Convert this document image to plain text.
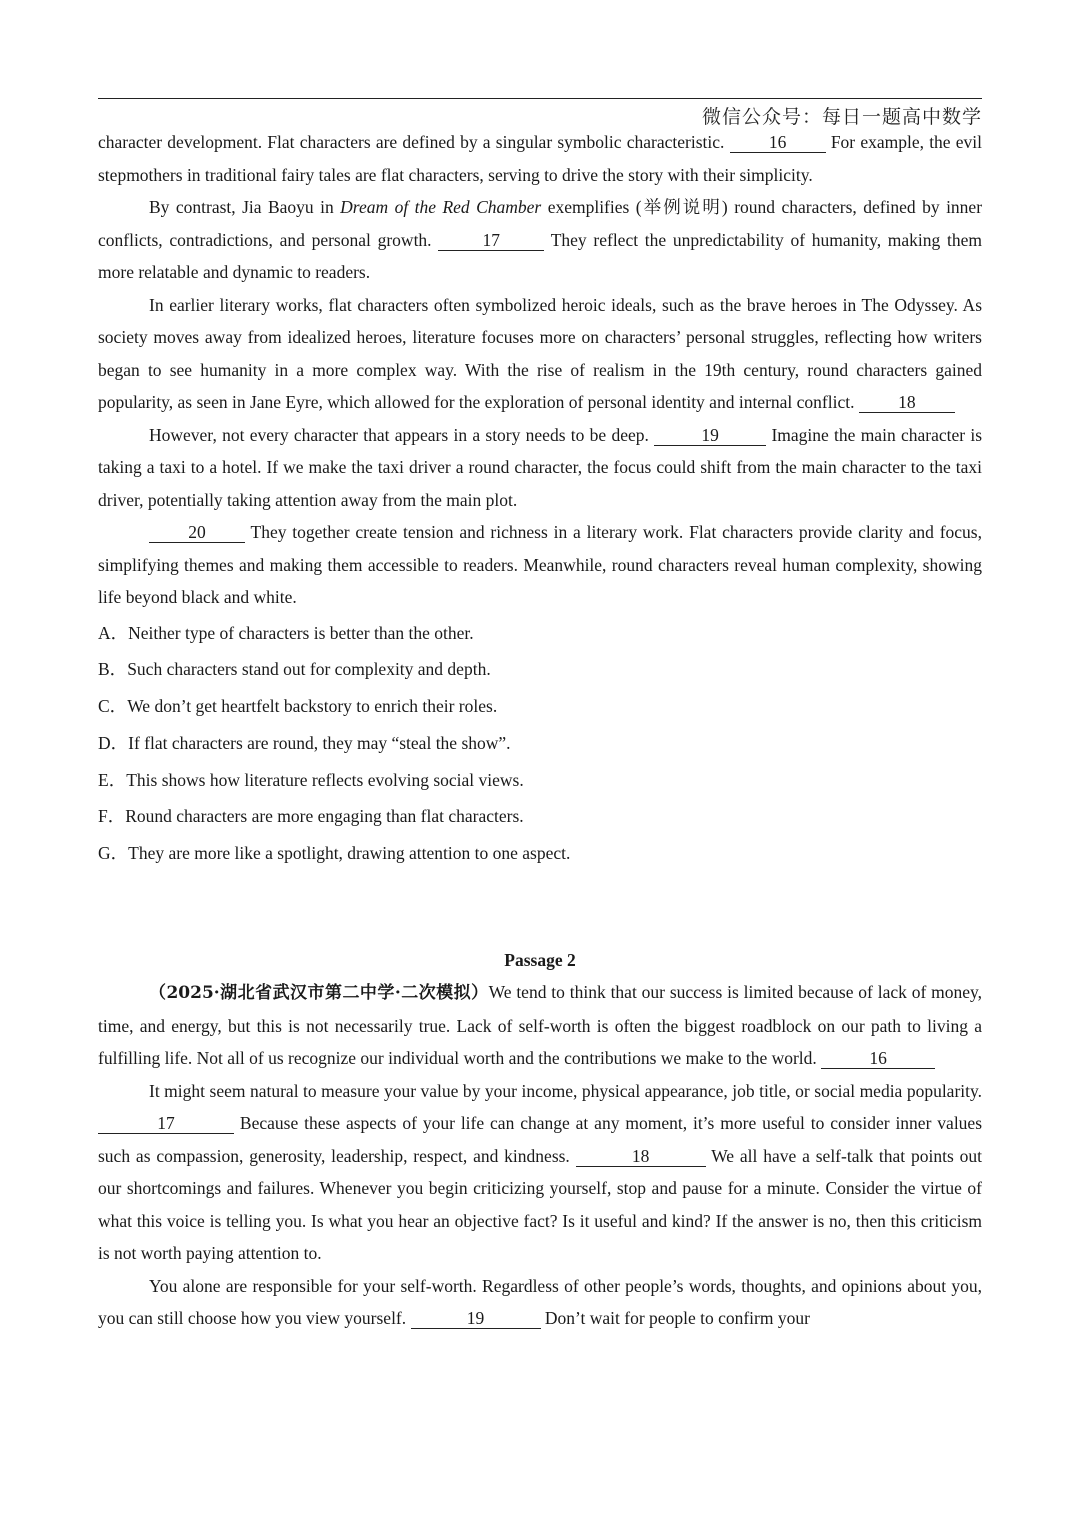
微信公众号：每日一题高中数学

character development. Flat characters are defined by a singular symbolic characteristic.	16	For example, the evil stepmothers in traditional fairy tales are flat characters, serving to drive the story with their simplicity.

By contrast, Jia Baoyu in Dream of the Red Chamber exemplifies (举例说明) round characters, defined by inner conflicts, contradictions, and personal growth.	17	They reflect the unpredictability of humanity, making them more relatable and dynamic to readers.

In earlier literary works, flat characters often symbolized heroic ideals, such as the brave heroes in The Odyssey. As society moves away from idealized heroes, literature focuses more on characters’ personal struggles, reflecting how writers began to see humanity in a more complex way. With the rise of realism in the 19th century, round characters gained popularity, as seen in Jane Eyre, which allowed for the exploration of personal identity and internal conflict. 18

However, not every character that appears in a story needs to be deep.	19	Imagine the main character is taking a taxi to a hotel. If we make the taxi driver a round character, the focus could shift from the main character to the taxi driver, potentially taking attention away from the main plot.

20	They together create tension and richness in a literary work. Flat characters provide clarity and focus, simplifying themes and making them accessible to readers. Meanwhile, round characters reveal human complexity, showing life beyond black and white.

A．Neither type of characters is better than the other.

B．Such characters stand out for complexity and depth.

C．We don’t get heartfelt backstory to enrich their roles.

D．If flat characters are round, they may “steal the show”.

E．This shows how literature reflects evolving social views.

F．Round characters are more engaging than flat characters.

G．They are more like a spotlight, drawing attention to one aspect.

Passage 2

（2025·湖北省武汉市第二中学·二次模拟）We tend to think that our success is limited because of lack of money, time, and energy, but this is not necessarily true. Lack of self-worth is often the biggest roadblock on our path to living a fulfilling life. Not all of us recognize our individual worth and the contributions we make to the world.	16

It might seem natural to measure your value by your income, physical appearance, job title, or social media popularity. 17	Because these aspects of your life can change at any moment, it’s more useful to consider inner values such as compassion, generosity, leadership, respect, and kindness.	18	We all have a self-talk that points out our shortcomings and failures. Whenever you begin criticizing yourself, stop and pause for a minute. Consider the virtue of what this voice is telling you. Is what you hear an objective fact? Is it useful and kind? If the answer is no, then this criticism is not worth paying attention to.

You alone are responsible for your self-worth. Regardless of other people’s words, thoughts, and opinions about you, you can still choose how you view yourself.	19	Don’t wait for people to confirm your
